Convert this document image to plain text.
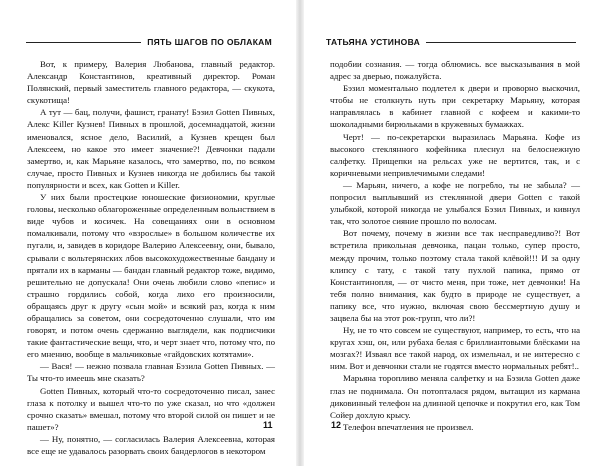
ПЯТЬ ШАГОВ ПО ОБЛАКАМ

Вот, к примеру, Валерия Любанова, главный редактор. Александр Константинов, креативный директор. Роман Полянский, первый заместитель главного редактора, — скукота, скукотища!

А тут — бац, получи, фашист, гранату! Бэзил Gotten Пивных, Алекс Killer Кузнев! Пивных в прошлой, досемнадцатой, жизни именовался, ясное дело, Василий, а Кузнев крещен был Алексеем, но какое это имеет значение?! Девчонки падали замертво, и, как Марьяне казалось, что замертво, по, по всяком случае, просто Пивных и Кузнев никогда не добились бы такой популярности и всех, как Gotten и Killer.

У них были простецкие юношеские физиономии, круглые головы, несколько облагороженные определенным вольнствием в виде чубов и косичек. На совещаниях они в основном помалкивали, потому что «взрослые» в большом количестве их пугали, и, завидев в коридоре Валерию Алексеевну, они, бывало, срывали с вольтерянских лбов высокохудожественные бандану и прятали их в карманы — бандан главный редактор тоже, видимо, решительно не допускала! Они очень любили слово «пепис» и страшно гордились собой, когда лихо его произносили, обращаясь друг к другу «сын мой» и всякий раз, когда к ним обращались за советом, они сосредоточенно слушали, что им говорят, и потом очень сдержанно выглядели, как подписчики такие фантастические вещи, что, и черт знает что, потому что, по его мнению, вообще в мальчиковые «гайдовских котятами».

— Вася! — нежно позвала главная Бэзила Gotten Пивных. — Ты что-то имеешь мне сказать?

Gotten Пивных, который что-то сосредоточенно писал, занес глаза к потолку и вышел что-то по уже сказал, но что «должен срочно сказать» вмешал, потому что второй силой он пишет и не пашет»?

— Ну, понятно, — согласилась Валерия Алексеевна, которая все еще не удавалось разорвать своих бандерлогов в некотором

11
ТАТЬЯНА УСТИНОВА

подобии сознания. — тогда облюмись. все высказывания в мой адрес за дверью, пожалуйста.

Бэзил моментально подлетел к двери и проворно выскочил, чтобы не столкнуть нуть при секретарку Марьяну, которая направлялась в кабинет главной с кофеем и какими-то шоколадными бирюльками в кружевных бумажках.

Черт! — по-секретарски выразилась Марьяна. Кофе из высокого стеклянного кофейника плеснул на белоснежную салфетку. Прищепки на рельсах уже не вертится, так, и с коричневыми непривлечимыми следами!

— Марьян, ничего, а кофе не погребло, ты не забыла? — попросил выплывший из стеклянной двери Gotten с такой улыбкой, которой никогда не улыбался Бэзил Пивных, и кивнул так, что золотое сияние прошло по волосам.

Вот почему, почему в жизни все так несправедливо?! Вот встретила прикольная девчонка, пацан только, супер просто, между прочим, только поэтому стала такой клёвой!!! И за одну клипсу с тату, с такой тату пухлой папика, прямо от Константинопля, — от чисто меня, при тоже, нет девчонки! На тебя полно внимания, как будто в природе не существует, а папику все, что нужно, включая свою бессмертную душу и зацвела бы на этот рок-групп, что ли?!

Ну, не то что совсем не существуют, например, то есть, что на кругах хэш, он, или рубаха белая с бриллиантовыми блёсками на мозгах?! Изваял все такой народ, ох измельчал, и не интересно с ним. Вот и девчонки стали не годятся вместо нормальных ребят!..

Марьяна торопливо меняла салфетку и на Бэзила Gotten даже глаз не поднимала. Он потопталася рядом, вытащил из кармана диковинный телефон на длинной цепочке и покрутил его, как Том Сойер дохлую крысу.

Телефон впечатления не произвел.

12
